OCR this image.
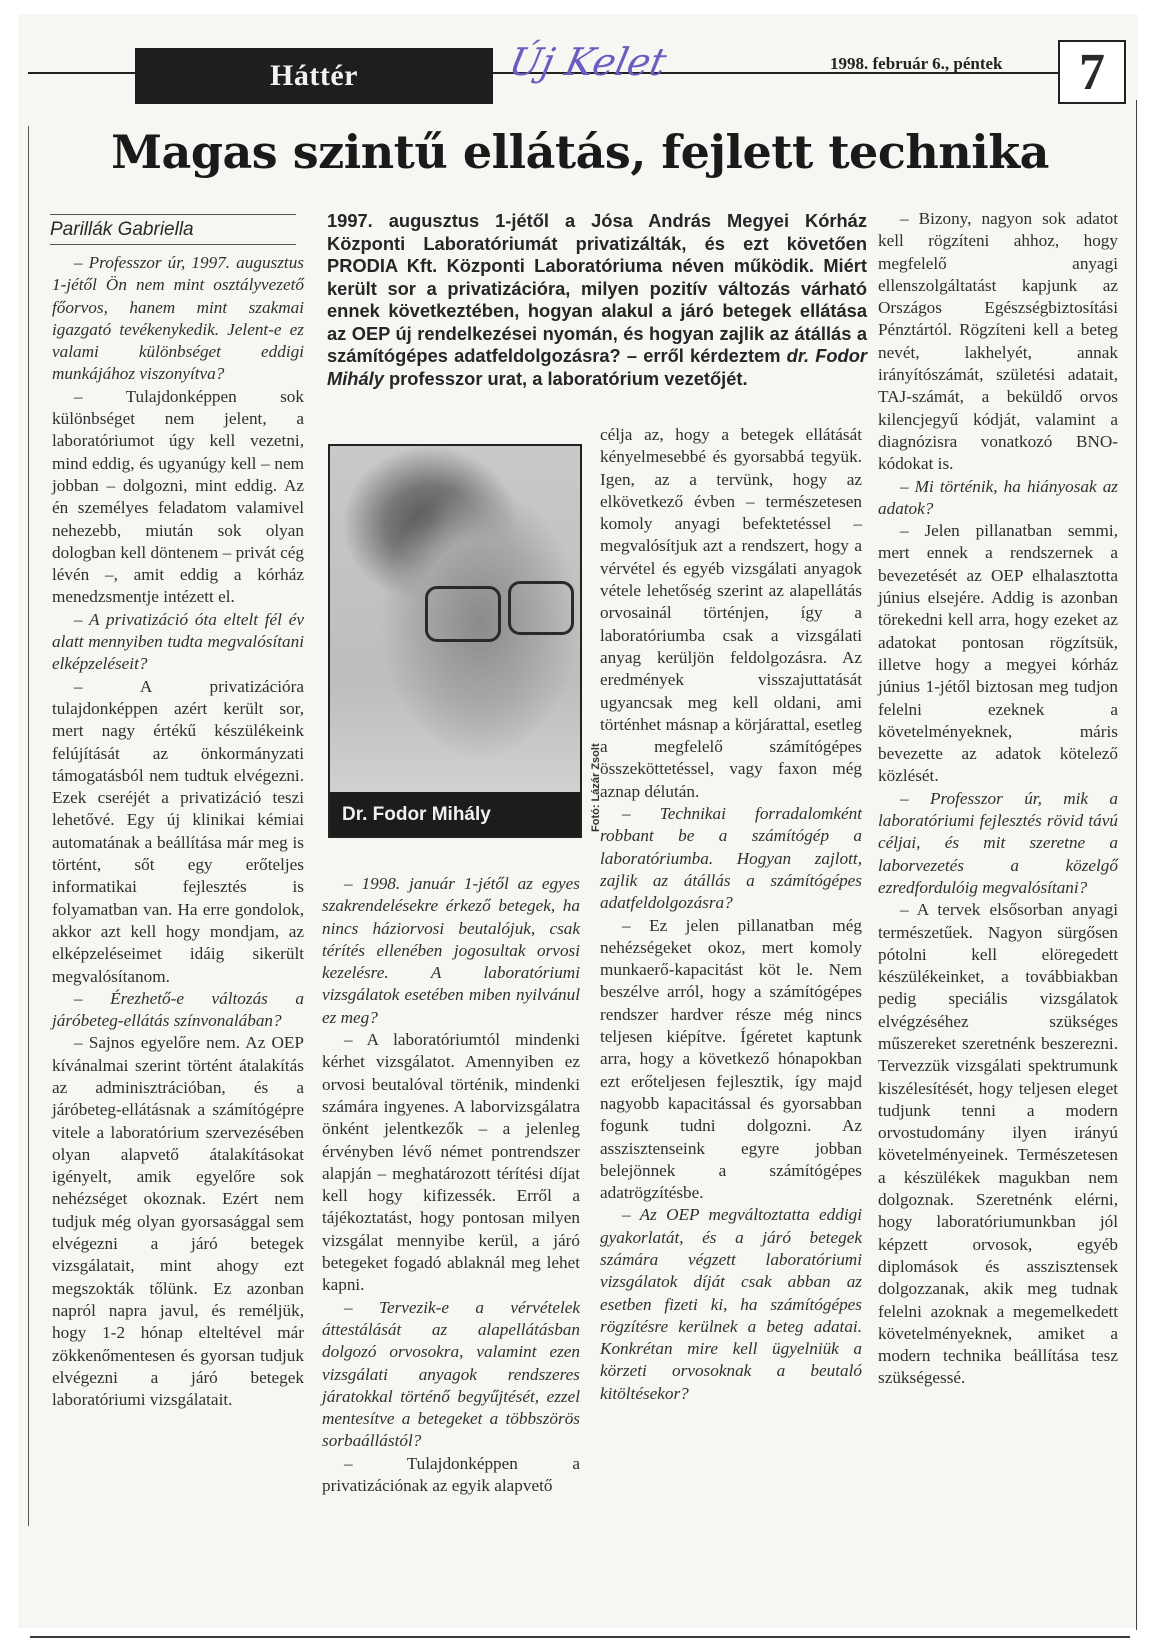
Háttér	Új Kelet	1998. február 6., péntek	7
Magas szintű ellátás, fejlett technika
Parillák Gabriella	1997. augusztus 1-jétől a Jósa András Megyei Kórház Központi Laboratóriumát privatizálták, és ezt követően PRODIA Kft. Központi Laboratóriuma néven működik. Miért került sor a privatizációra, milyen pozitív változás várható ennek következtében, hogyan alakul a járó betegek ellátása az OEP új rendelkezései nyomán, és hogyan zajlik az átállás a számítógépes adatfeldolgozásra? – erről kérdeztem dr. Fodor Mihály professzor urat, a laboratórium vezetőjét.
Dr. Fodor Mihály	Fotó: Lázár Zsolt

– Professzor úr, 1997. augusztus 1-jétől Ön nem mint osztályvezető főorvos, hanem mint szakmai igazgató tevékenykedik. Jelent-e ez valami különbséget eddigi munkájához viszonyítva?

– Tulajdonképpen sok különbséget nem jelent, a laboratóriumot úgy kell vezetni, mind eddig, és ugyanúgy kell – nem jobban – dolgozni, mint eddig. Az én személyes feladatom valamivel nehezebb, miután sok olyan dologban kell döntenem – privát cég lévén –, amit eddig a kórház menedzsmentje intézett el.

– A privatizáció óta eltelt fél év alatt mennyiben tudta megvalósítani elképzeléseit?

– A privatizációra tulajdonképpen azért került sor, mert nagy értékű készülékeink felújítását az önkormányzati támogatásból nem tudtuk elvégezni. Ezek cseréjét a privatizáció teszi lehetővé. Egy új klinikai kémiai automatának a beállítása már meg is történt, sőt egy erőteljes informatikai fejlesztés is folyamatban van. Ha erre gondolok, akkor azt kell hogy mondjam, az elképzeléseimet idáig sikerült megvalósítanom.

– Érezhető-e változás a járóbeteg-ellátás színvonalában?

– Sajnos egyelőre nem. Az OEP kívánalmai szerint történt átalakítás az adminisztrációban, és a járóbeteg-ellátásnak a számítógépre vitele a laboratórium szervezésében olyan alapvető átalakításokat igényelt, amik egyelőre sok nehézséget okoznak. Ezért nem tudjuk még olyan gyorsasággal sem elvégezni a járó betegek vizsgálatait, mint ahogy ezt megszokták tőlünk. Ez azonban napról napra javul, és reméljük, hogy 1-2 hónap elteltével már zökkenőmentesen és gyorsan tudjuk elvégezni a járó betegek laboratóriumi vizsgálatait.

– 1998. január 1-jétől az egyes szakrendelésekre érkező betegek, ha nincs háziorvosi beutalójuk, csak térítés ellenében jogosultak orvosi kezelésre. A laboratóriumi vizsgálatok esetében miben nyilvánul ez meg?

– A laboratóriumtól mindenki kérhet vizsgálatot. Amennyiben ez orvosi beutalóval történik, mindenki számára ingyenes. A laborvizsgálatra önként jelentkezők – a jelenleg érvényben lévő német pontrendszer alapján – meghatározott térítési díjat kell hogy kifizessék. Erről a tájékoztatást, hogy pontosan milyen vizsgálat mennyibe kerül, a járó betegeket fogadó ablaknál meg lehet kapni.

– Tervezik-e a vérvételek áttestálását az alapellátásban dolgozó orvosokra, valamint ezen vizsgálati anyagok rendszeres járatokkal történő begyűjtését, ezzel mentesítve a betegeket a többszörös sorbaállástól?

– Tulajdonképpen a privatizációnak az egyik alapvető

célja az, hogy a betegek ellátását kényelmesebbé és gyorsabbá tegyük. Igen, az a tervünk, hogy az elkövetkező évben – természetesen komoly anyagi befektetéssel – megvalósítjuk azt a rendszert, hogy a vérvétel és egyéb vizsgálati anyagok vétele lehetőség szerint az alapellátás orvosainál történjen, így a laboratóriumba csak a vizsgálati anyag kerüljön feldolgozásra. Az eredmények visszajuttatását ugyancsak meg kell oldani, ami történhet másnap a körjárattal, esetleg a megfelelő számítógépes összeköttetéssel, vagy faxon még aznap délután.

– Technikai forradalomként robbant be a számítógép a laboratóriumba. Hogyan zajlott, zajlik az átállás a számítógépes adatfeldolgozásra?

– Ez jelen pillanatban még nehézségeket okoz, mert komoly munkaerő-kapacitást köt le. Nem beszélve arról, hogy a számítógépes rendszer hardver része még nincs teljesen kiépítve. Ígéretet kaptunk arra, hogy a következő hónapokban ezt erőteljesen fejlesztik, így majd nagyobb kapacitással és gyorsabban fogunk tudni dolgozni. Az asszisztenseink egyre jobban belejönnek a számítógépes adatrögzítésbe.

– Az OEP megváltoztatta eddigi gyakorlatát, és a járó betegek számára végzett laboratóriumi vizsgálatok díját csak abban az esetben fizeti ki, ha számítógépes rögzítésre kerülnek a beteg adatai. Konkrétan mire kell ügyelniük a körzeti orvosoknak a beutaló kitöltésekor?

– Bizony, nagyon sok adatot kell rögzíteni ahhoz, hogy megfelelő anyagi ellenszolgáltatást kapjunk az Országos Egészségbiztosítási Pénztártól. Rögzíteni kell a beteg nevét, lakhelyét, annak irányítószámát, születési adatait, TAJ-számát, a beküldő orvos kilencjegyű kódját, valamint a diagnózisra vonatkozó BNO-kódokat is.

– Mi történik, ha hiányosak az adatok?

– Jelen pillanatban semmi, mert ennek a rendszernek a bevezetését az OEP elhalasztotta június elsejére. Addig is azonban törekedni kell arra, hogy ezeket az adatokat pontosan rögzítsük, illetve hogy a megyei kórház június 1-jétől biztosan meg tudjon felelni ezeknek a követelményeknek, máris bevezette az adatok kötelező közlését.

– Professzor úr, mik a laboratóriumi fejlesztés rövid távú céljai, és mit szeretne a laborvezetés a közelgő ezredfordulóig megvalósítani?

– A tervek elsősorban anyagi természetűek. Nagyon sürgősen pótolni kell elöregedett készülékeinket, a továbbiakban pedig speciális vizsgálatok elvégzéséhez szükséges műszereket szeretnénk beszerezni. Tervezzük vizsgálati spektrumunk kiszélesítését, hogy teljesen eleget tudjunk tenni a modern orvostudomány ilyen irányú követelményeinek. Természetesen a készülékek magukban nem dolgoznak. Szeretnénk elérni, hogy laboratóriumunkban jól képzett orvosok, egyéb diplomások és asszisztensek dolgozzanak, akik meg tudnak felelni azoknak a megemelkedett követelményeknek, amiket a modern technika beállítása tesz szükségessé.
